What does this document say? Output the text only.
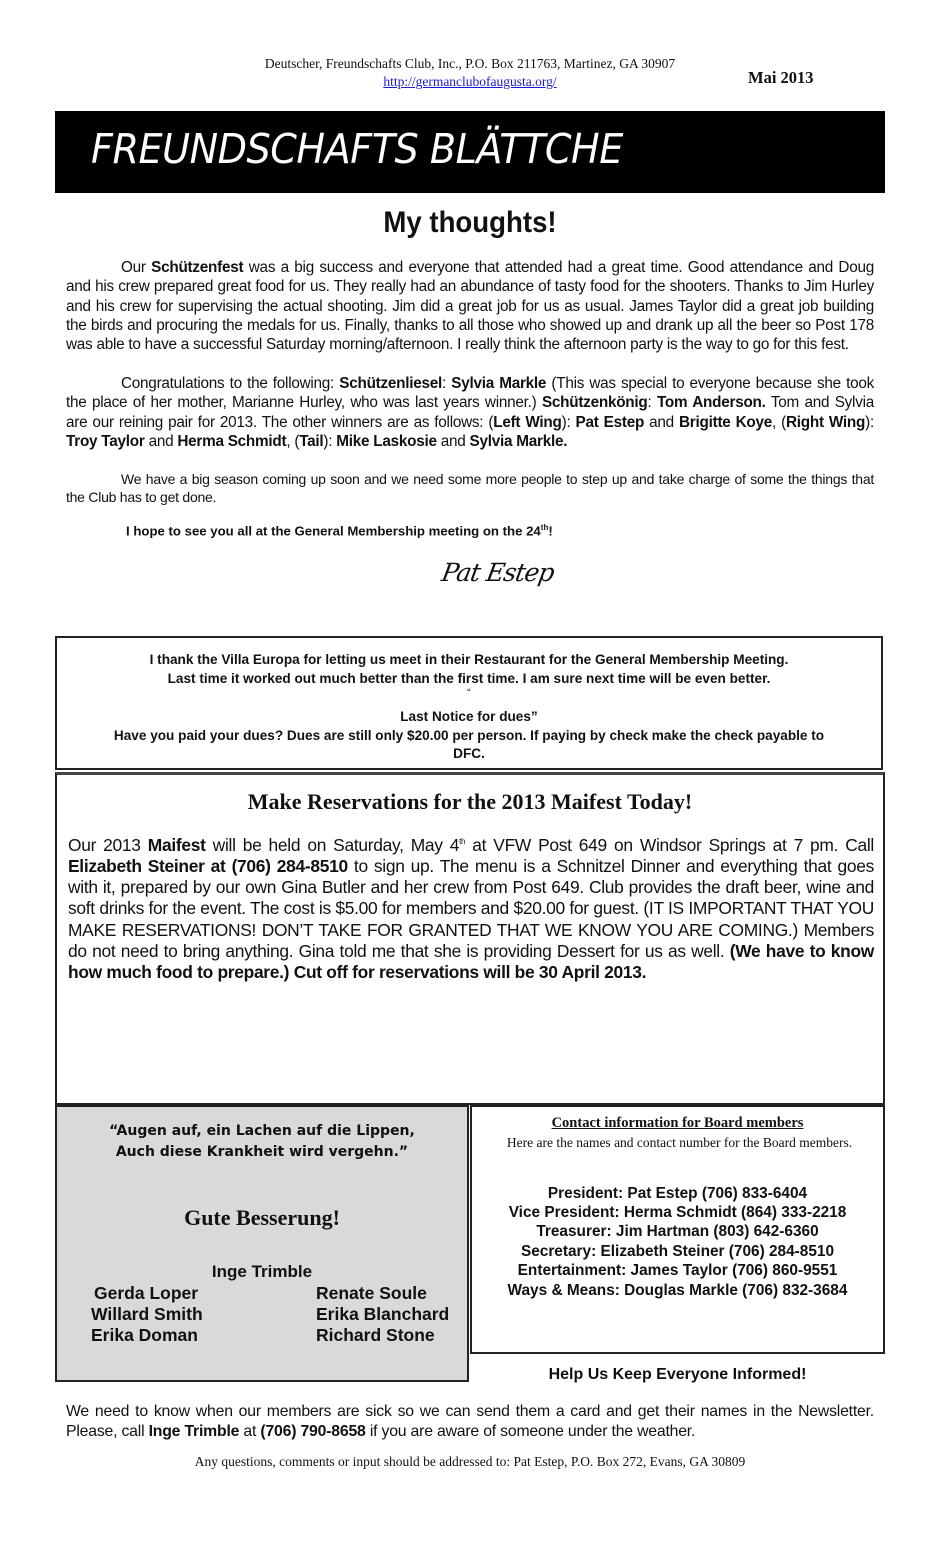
Deutscher, Freundschafts Club, Inc., P.O. Box 211763, Martinez, GA 30907
http://germanclubofaugusta.org/	Mai 2013
FREUNDSCHAFTS BLÄTTCHE
My thoughts!
Our Schützenfest was a big success and everyone that attended had a great time. Good attendance and Doug and his crew prepared great food for us. They really had an abundance of tasty food for the shooters. Thanks to Jim Hurley and his crew for supervising the actual shooting. Jim did a great job for us as usual. James Taylor did a great job building the birds and procuring the medals for us. Finally, thanks to all those who showed up and drank up all the beer so Post 178 was able to have a successful Saturday morning/afternoon. I really think the afternoon party is the way to go for this fest.
Congratulations to the following: Schützenliesel: Sylvia Markle (This was special to everyone because she took the place of her mother, Marianne Hurley, who was last years winner.) Schützenkönig: Tom Anderson. Tom and Sylvia are our reining pair for 2013. The other winners are as follows: (Left Wing): Pat Estep and Brigitte Koye, (Right Wing): Troy Taylor and Herma Schmidt, (Tail): Mike Laskosie and Sylvia Markle.
We have a big season coming up soon and we need some more people to step up and take charge of some the things that the Club has to get done.
I hope to see you all at the General Membership meeting on the 24th!
Pat Estep
I thank the Villa Europa for letting us meet in their Restaurant for the General Membership Meeting.
Last time it worked out much better than the first time. I am sure next time will be even better.
“
Last Notice for dues”
Have you paid your dues? Dues are still only $20.00 per person. If paying by check make the check payable to
DFC.
Make Reservations for the 2013 Maifest Today!
Our 2013 Maifest will be held on Saturday, May 4th at VFW Post 649 on Windsor Springs at 7 pm. Call Elizabeth Steiner at (706) 284-8510 to sign up. The menu is a Schnitzel Dinner and everything that goes with it, prepared by our own Gina Butler and her crew from Post 649. Club provides the draft beer, wine and soft drinks for the event. The cost is $5.00 for members and $20.00 for guest. (IT IS IMPORTANT THAT YOU MAKE RESERVATIONS! DON’T TAKE FOR GRANTED THAT WE KNOW YOU ARE COMING.) Members do not need to bring anything. Gina told me that she is providing Dessert for us as well. (We have to know how much food to prepare.) Cut off for reservations will be 30 April 2013.
“Augen auf, ein Lachen auf die Lippen,
Auch diese Krankheit wird vergehn.”
Gute Besserung!
Inge Trimble
Gerda Loper
Willard Smith
Erika Doman
Renate Soule
Erika Blanchard
Richard Stone
Contact information for Board members
Here are the names and contact number for the Board members.
President: Pat Estep (706) 833-6404
Vice President: Herma Schmidt (864) 333-2218
Treasurer: Jim Hartman (803) 642-6360
Secretary: Elizabeth Steiner (706) 284-8510
Entertainment: James Taylor (706) 860-9551
Ways & Means: Douglas Markle (706) 832-3684
Help Us Keep Everyone Informed!
We need to know when our members are sick so we can send them a card and get their names in the Newsletter. Please, call Inge Trimble at (706) 790-8658 if you are aware of someone under the weather.
Any questions, comments or input should be addressed to: Pat Estep, P.O. Box 272, Evans, GA 30809
